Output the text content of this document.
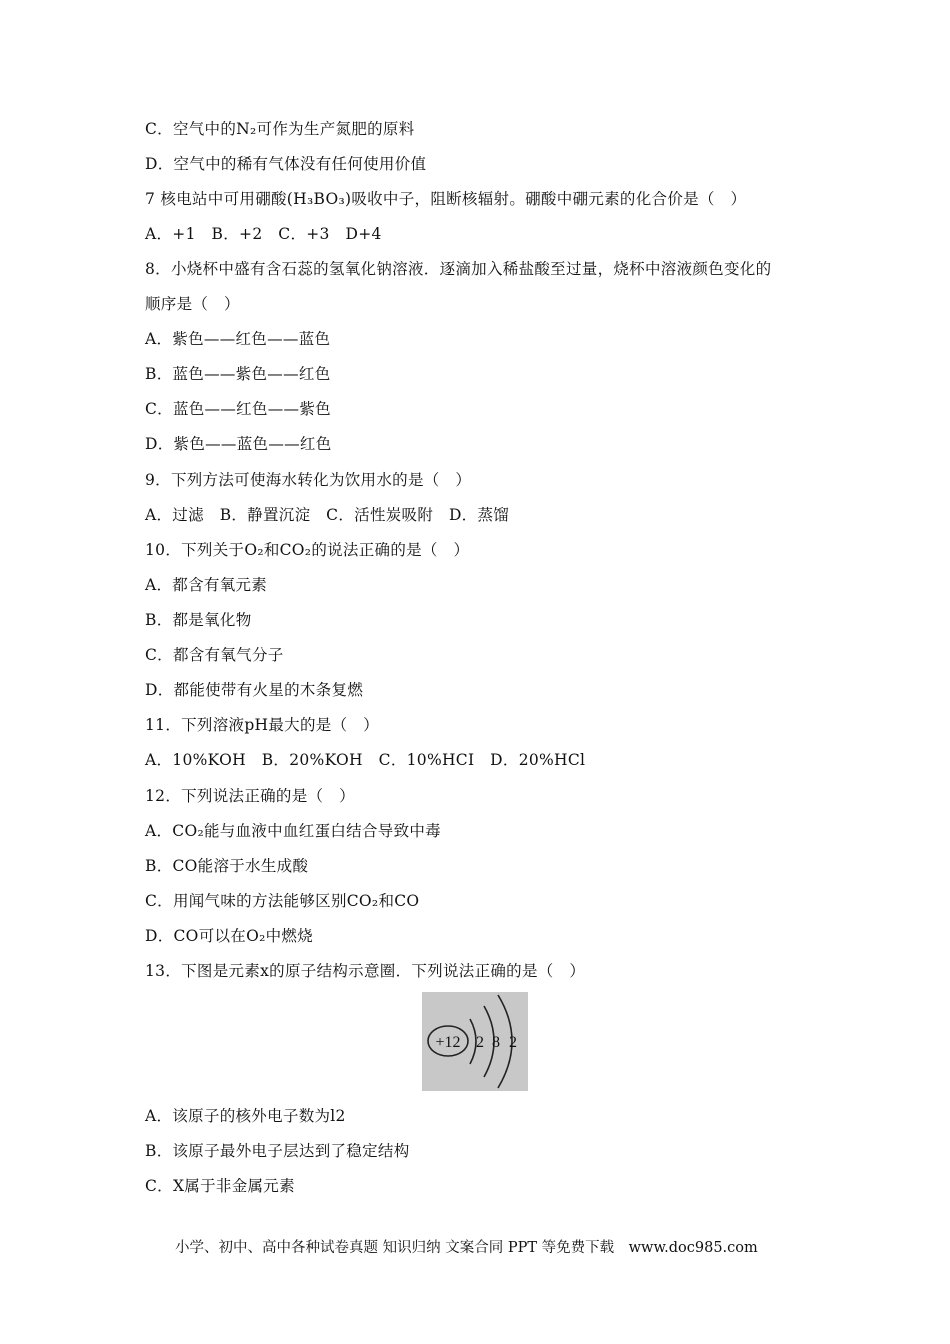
C．空气中的N₂可作为生产氮肥的原料
D．空气中的稀有气体没有任何使用价值
7 核电站中可用硼酸(H₃BO₃)吸收中子，阻断核辐射。硼酸中硼元素的化合价是（　）
A．+1　B．+2　C．+3　D+4
8．小烧杯中盛有含石蕊的氢氧化钠溶液．逐滴加入稀盐酸至过量，烧杯中溶液颜色变化的
顺序是（　）
A．紫色——红色——蓝色
B．蓝色——紫色——红色
C．蓝色——红色——紫色
D．紫色——蓝色——红色
9．下列方法可使海水转化为饮用水的是（　）
A．过滤　B．静置沉淀　C．活性炭吸附　D．蒸馏
10．下列关于O₂和CO₂的说法正确的是（　）
A．都含有氧元素
B．都是氧化物
C．都含有氧气分子
D．都能使带有火星的木条复燃
11．下列溶液pH最大的是（　）
A．10%KOH　B．20%KOH　C．10%HCI　D．20%HCl
12．下列说法正确的是（　）
A．CO₂能与血液中血红蛋白结合导致中毒
B．CO能溶于水生成酸
C．用闻气味的方法能够区别CO₂和CO
D．CO可以在O₂中燃烧
13．下图是元素x的原子结构示意圈．下列说法正确的是（　）
+12 2 8 2
A．该原子的核外电子数为l2
B．该原子最外电子层达到了稳定结构
C．X属于非金属元素
小学、初中、高中各种试卷真题 知识归纳 文案合同 PPT 等免费下载　www.doc985.com
